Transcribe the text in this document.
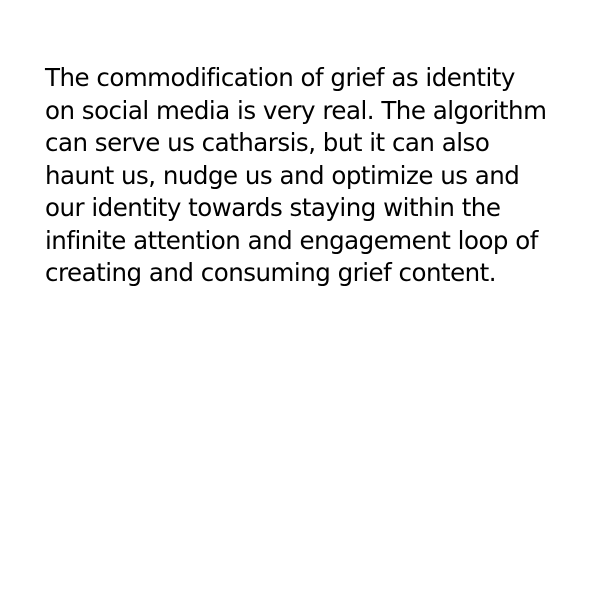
The commodification of grief as identity
on social media is very real. The algorithm
can serve us catharsis, but it can also
haunt us, nudge us and optimize us and
our identity towards staying within the
infinite attention and engagement loop of
creating and consuming grief content.
